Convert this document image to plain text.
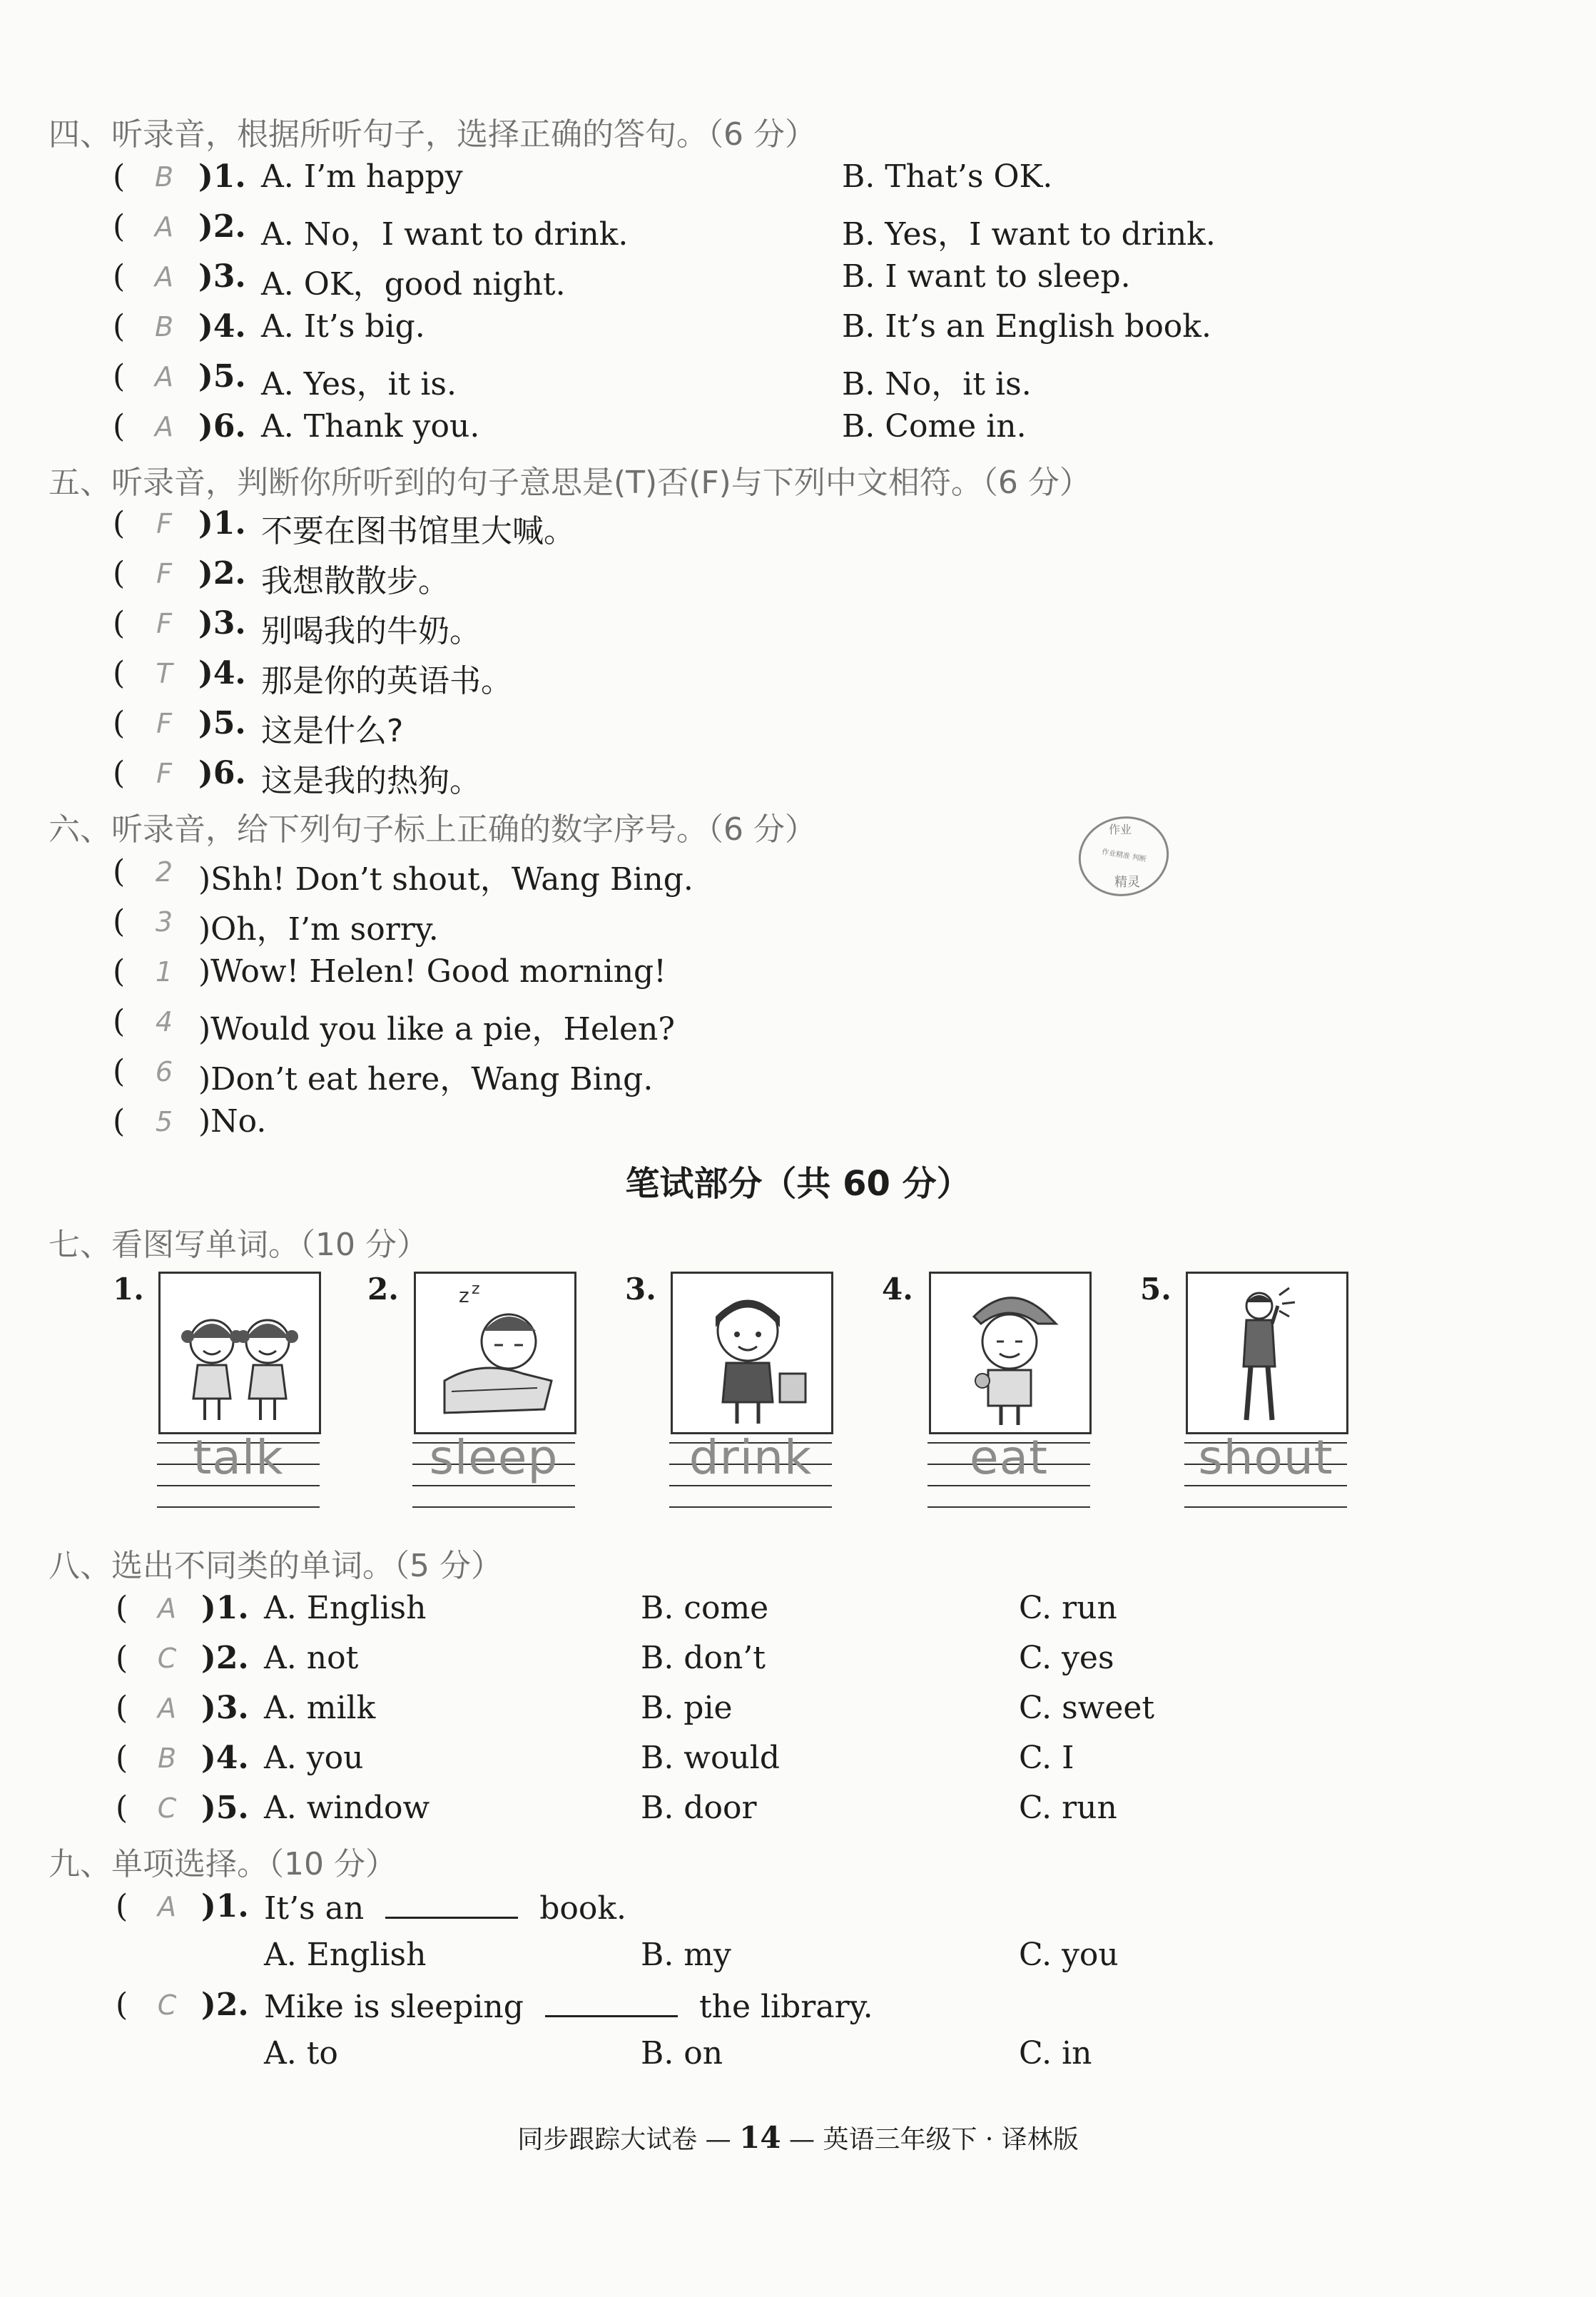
四、听录音，根据所听句子，选择正确的答句。（6 分）
(	B )1. A. I’m happy	B. That’s OK.
(	A )2. A. No，I want to drink.	B. Yes，I want to drink.
(	A )3. A. OK，good night.	B. I want to sleep.
(	B )4. A. It’s big.	B. It’s an English book.
(	A )5. A. Yes，it is.	B. No，it is.
(	A )6. A. Thank you.	B. Come in.
五、听录音，判断你所听到的句子意思是(T)否(F)与下列中文相符。（6 分）
(	F )1. 不要在图书馆里大喊。
(	F )2. 我想散散步。
(	F )3. 别喝我的牛奶。
(	T )4. 那是你的英语书。
(	F )5. 这是什么?
(	F )6. 这是我的热狗。
六、听录音，给下列句子标上正确的数字序号。（6 分）	作业
作业精准 判断
精灵
(	2 )Shh! Don’t shout，Wang Bing.
(	3 )Oh，I’m sorry.
(	1 )Wow! Helen! Good morning!
(	4 )Would you like a pie，Helen?
(	6 )Don’t eat here，Wang Bing.
(	5 )No.
笔试部分（共 60 分）
七、看图写单词。（10 分）
1.	2.	z z	3.	4.	5.
talk	sleep	drink	eat	shout
八、选出不同类的单词。（5 分）
(	A )1. A. English	B. come	C. run
(	C )2. A. not	B. don’t	C. yes
(	A )3. A. milk	B. pie	C. sweet
(	B )4. A. you	B. would	C. I
(	C )5. A. window	B. door	C. run
九、单项选择。（10 分）
(	A )1. It’s an	book.
A. English	B. my	C. you
(	C )2. Mike is sleeping	the library.
A. to	B. on	C. in
同步跟踪大试卷 — 14 — 英语三年级下 · 译林版
